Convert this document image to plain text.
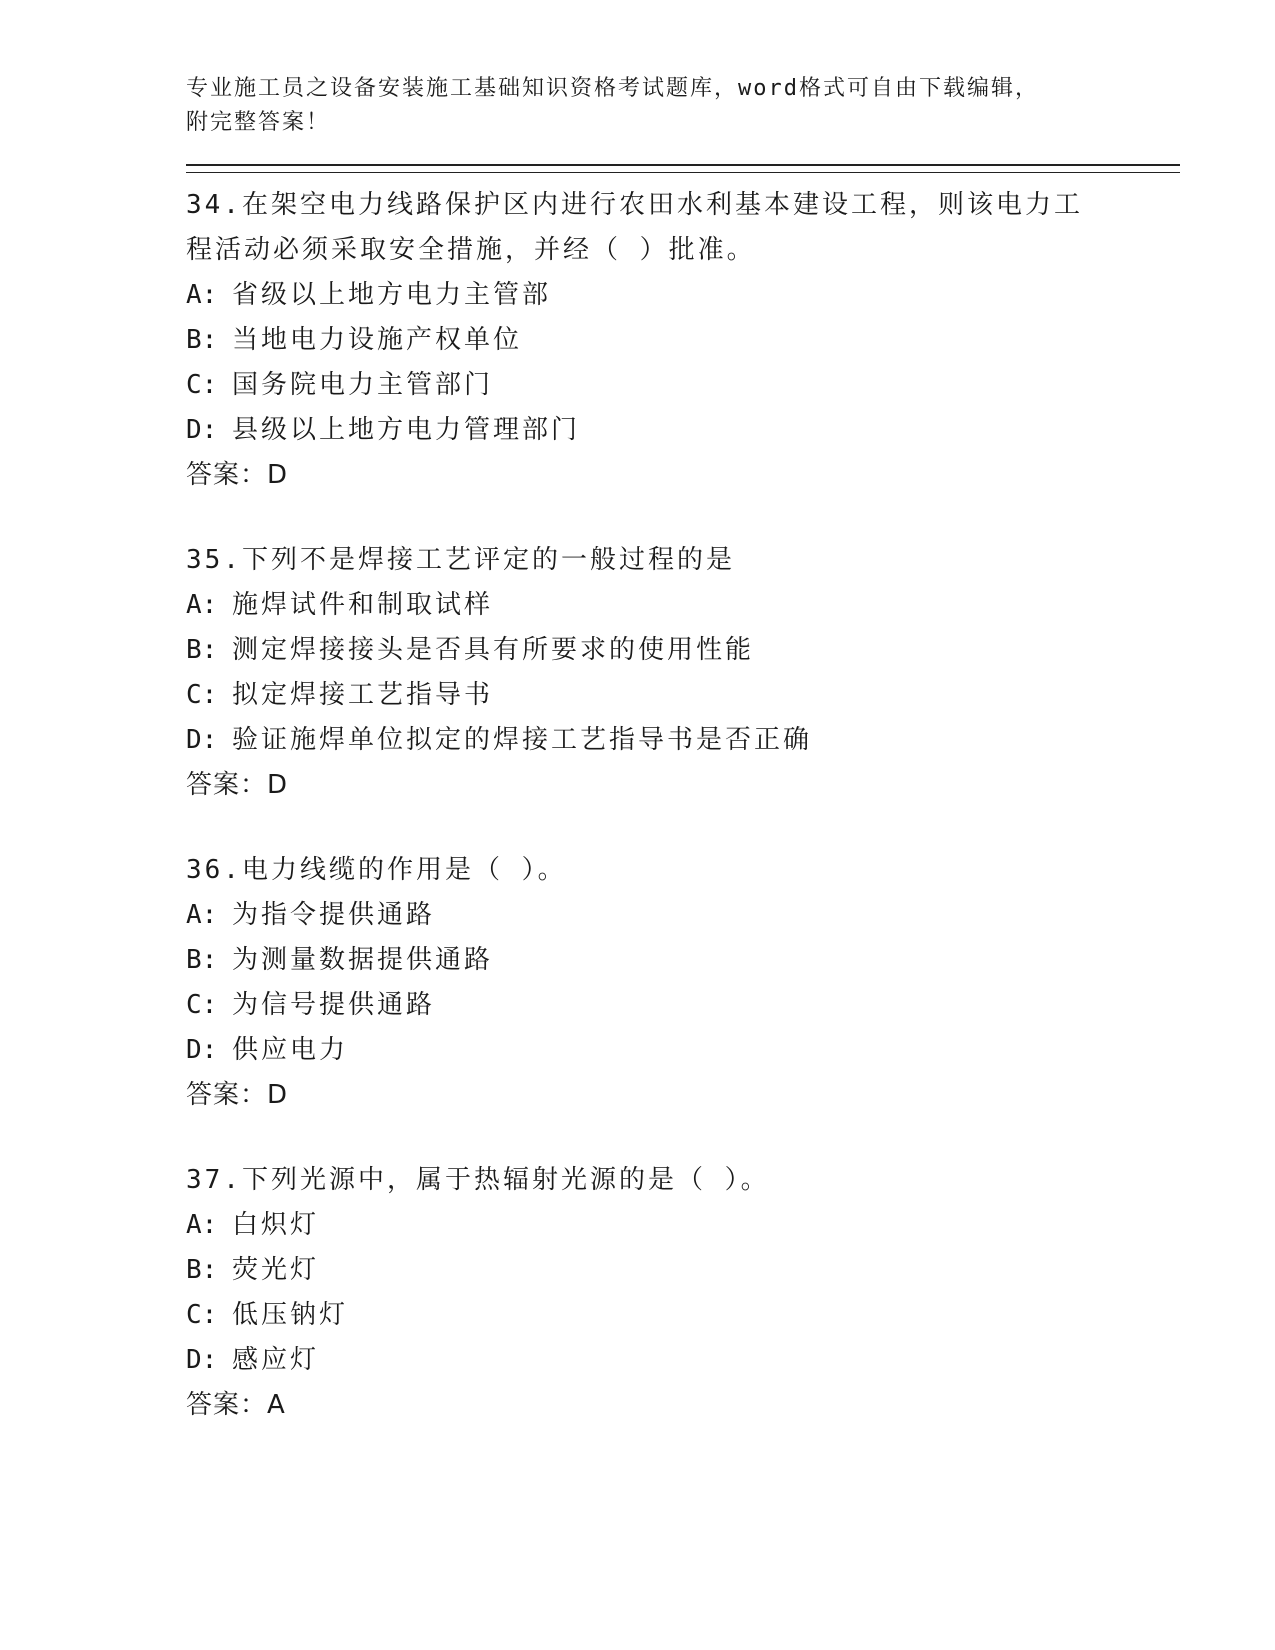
专业施工员之设备安装施工基础知识资格考试题库，word格式可自由下载编辑，
附完整答案！
34.在架空电力线路保护区内进行农田水利基本建设工程，则该电力工
程活动必须采取安全措施，并经（ ）批准。
A: 省级以上地方电力主管部
B: 当地电力设施产权单位
C: 国务院电力主管部门
D: 县级以上地方电力管理部门
答案：D
35.下列不是焊接工艺评定的一般过程的是
A: 施焊试件和制取试样
B: 测定焊接接头是否具有所要求的使用性能
C: 拟定焊接工艺指导书
D: 验证施焊单位拟定的焊接工艺指导书是否正确
答案：D
36.电力线缆的作用是（ ）。
A: 为指令提供通路
B: 为测量数据提供通路
C: 为信号提供通路
D: 供应电力
答案：D
37.下列光源中，属于热辐射光源的是（ ）。
A: 白炽灯
B: 荧光灯
C: 低压钠灯
D: 感应灯
答案：A
